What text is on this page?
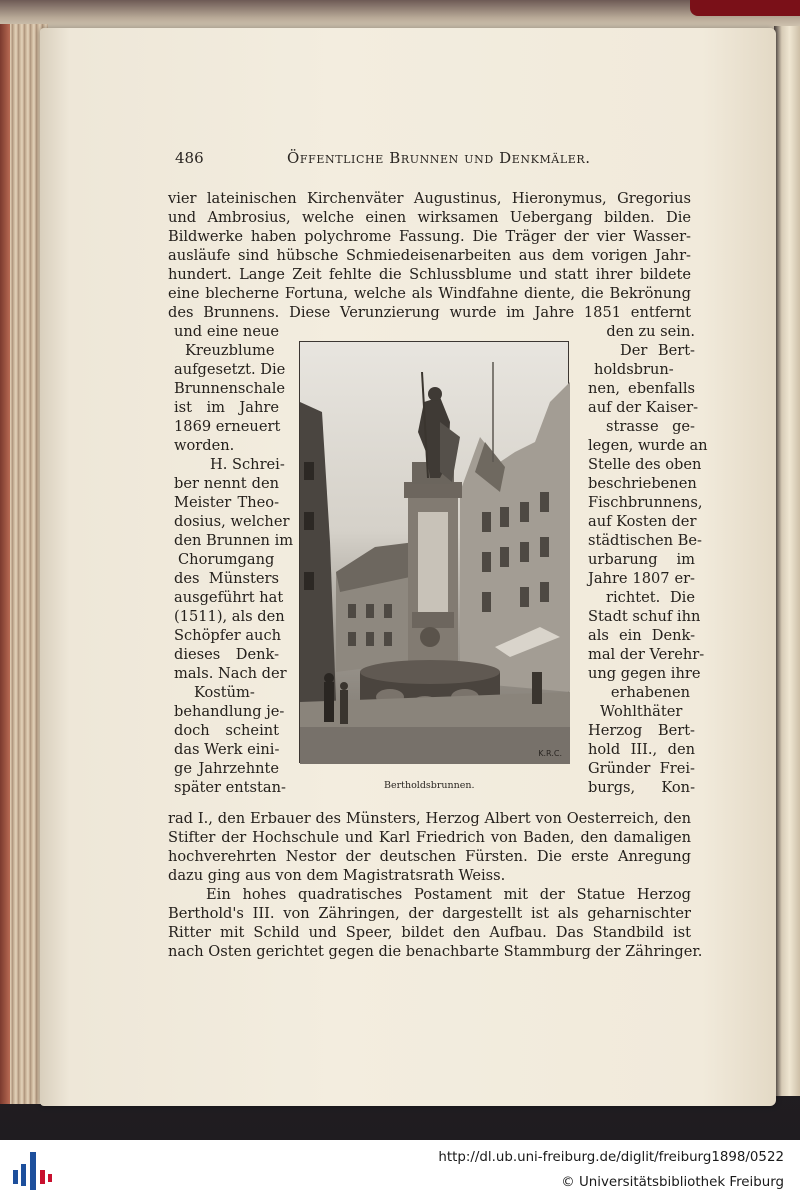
486	Öffentliche Brunnen und Denkmäler.
vier lateinischen Kirchenväter Augustinus, Hieronymus, Gregorius
und Ambrosius, welche einen wirksamen Uebergang bilden. Die
Bildwerke haben polychrome Fassung. Die Träger der vier Wasser-
ausläufe sind hübsche Schmiedeisenarbeiten aus dem vorigen Jahr-
hundert. Lange Zeit fehlte die Schlussblume und statt ihrer bildete
eine blecherne Fortuna, welche als Windfahne diente, die Bekrönung
des Brunnens. Diese Verunzierung wurde im Jahre 1851 entfernt
und eine neue
Kreuzblume
aufgesetzt. Die
Brunnenschale
ist im Jahre
1869 erneuert
worden.
H. Schrei-
ber nennt den
Meister Theo-
dosius, welcher
den Brunnen im
Chorumgang
des Münsters
ausgeführt hat
(1511), als den
Schöpfer auch
dieses Denk-
mals. Nach der
Kostüm-
behandlung je-
doch scheint
das Werk eini-
ge Jahrzehnte
später entstan-
den zu sein.
Der Bert-
holdsbrun-
nen, ebenfalls
auf der Kaiser-
strasse ge-
legen, wurde an
Stelle des oben
beschriebenen
Fischbrunnens,
auf Kosten der
städtischen Be-
urbarung im
Jahre 1807 er-
richtet. Die
Stadt schuf ihn
als ein Denk-
mal der Verehr-
ung gegen ihre
erhabenen
Wohlthäter
Herzog Bert-
hold III., den
Gründer Frei-
burgs, Kon-
K.R.C.
Bertholdsbrunnen.
rad I., den Erbauer des Münsters, Herzog Albert von Oesterreich, den
Stifter der Hochschule und Karl Friedrich von Baden, den damaligen
hochverehrten Nestor der deutschen Fürsten. Die erste Anregung
dazu ging aus von dem Magistratsrath Weiss.
Ein hohes quadratisches Postament mit der Statue Herzog
Berthold's III. von Zähringen, der dargestellt ist als geharnischter
Ritter mit Schild und Speer, bildet den Aufbau. Das Standbild ist
nach Osten gerichtet gegen die benachbarte Stammburg der Zähringer.
http://dl.ub.uni-freiburg.de/diglit/freiburg1898/0522
© Universitätsbibliothek Freiburg
